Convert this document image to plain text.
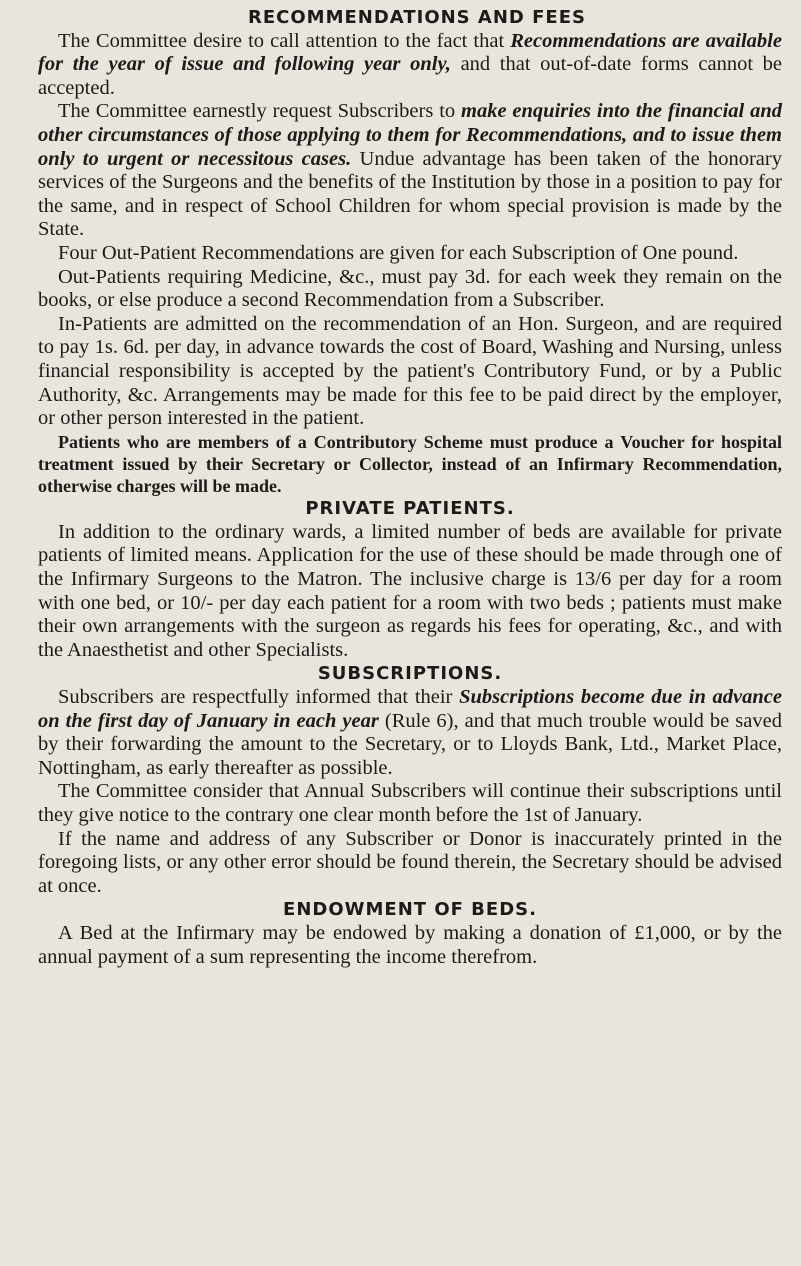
RECOMMENDATIONS AND FEES

The Committee desire to call attention to the fact that Recommendations are available for the year of issue and following year only, and that out-of-date forms cannot be accepted.

The Committee earnestly request Subscribers to make enquiries into the financial and other circumstances of those applying to them for Recommendations, and to issue them only to urgent or necessitous cases. Undue advantage has been taken of the honorary services of the Surgeons and the benefits of the Institution by those in a position to pay for the same, and in respect of School Children for whom special provision is made by the State.

Four Out-Patient Recommendations are given for each Subscription of One pound.

Out-Patients requiring Medicine, &c., must pay 3d. for each week they remain on the books, or else produce a second Recommendation from a Subscriber.

In-Patients are admitted on the recommendation of an Hon. Surgeon, and are required to pay 1s. 6d. per day, in advance towards the cost of Board, Washing and Nursing, unless financial responsibility is accepted by the patient's Contributory Fund, or by a Public Authority, &c. Arrangements may be made for this fee to be paid direct by the employer, or other person interested in the patient.

Patients who are members of a Contributory Scheme must produce a Voucher for hospital treatment issued by their Secretary or Collector, instead of an Infirmary Recommendation, otherwise charges will be made.

PRIVATE PATIENTS.

In addition to the ordinary wards, a limited number of beds are available for private patients of limited means. Application for the use of these should be made through one of the Infirmary Surgeons to the Matron. The inclusive charge is 13/6 per day for a room with one bed, or 10/- per day each patient for a room with two beds ; patients must make their own arrangements with the surgeon as regards his fees for operating, &c., and with the Anaesthetist and other Specialists.

SUBSCRIPTIONS.

Subscribers are respectfully informed that their Subscriptions become due in advance on the first day of January in each year (Rule 6), and that much trouble would be saved by their forwarding the amount to the Secretary, or to Lloyds Bank, Ltd., Market Place, Nottingham, as early thereafter as possible.

The Committee consider that Annual Subscribers will continue their subscriptions until they give notice to the contrary one clear month before the 1st of January.

If the name and address of any Subscriber or Donor is inaccurately printed in the foregoing lists, or any other error should be found therein, the Secretary should be advised at once.

ENDOWMENT OF BEDS.

A Bed at the Infirmary may be endowed by making a donation of £1,000, or by the annual payment of a sum representing the income therefrom.
